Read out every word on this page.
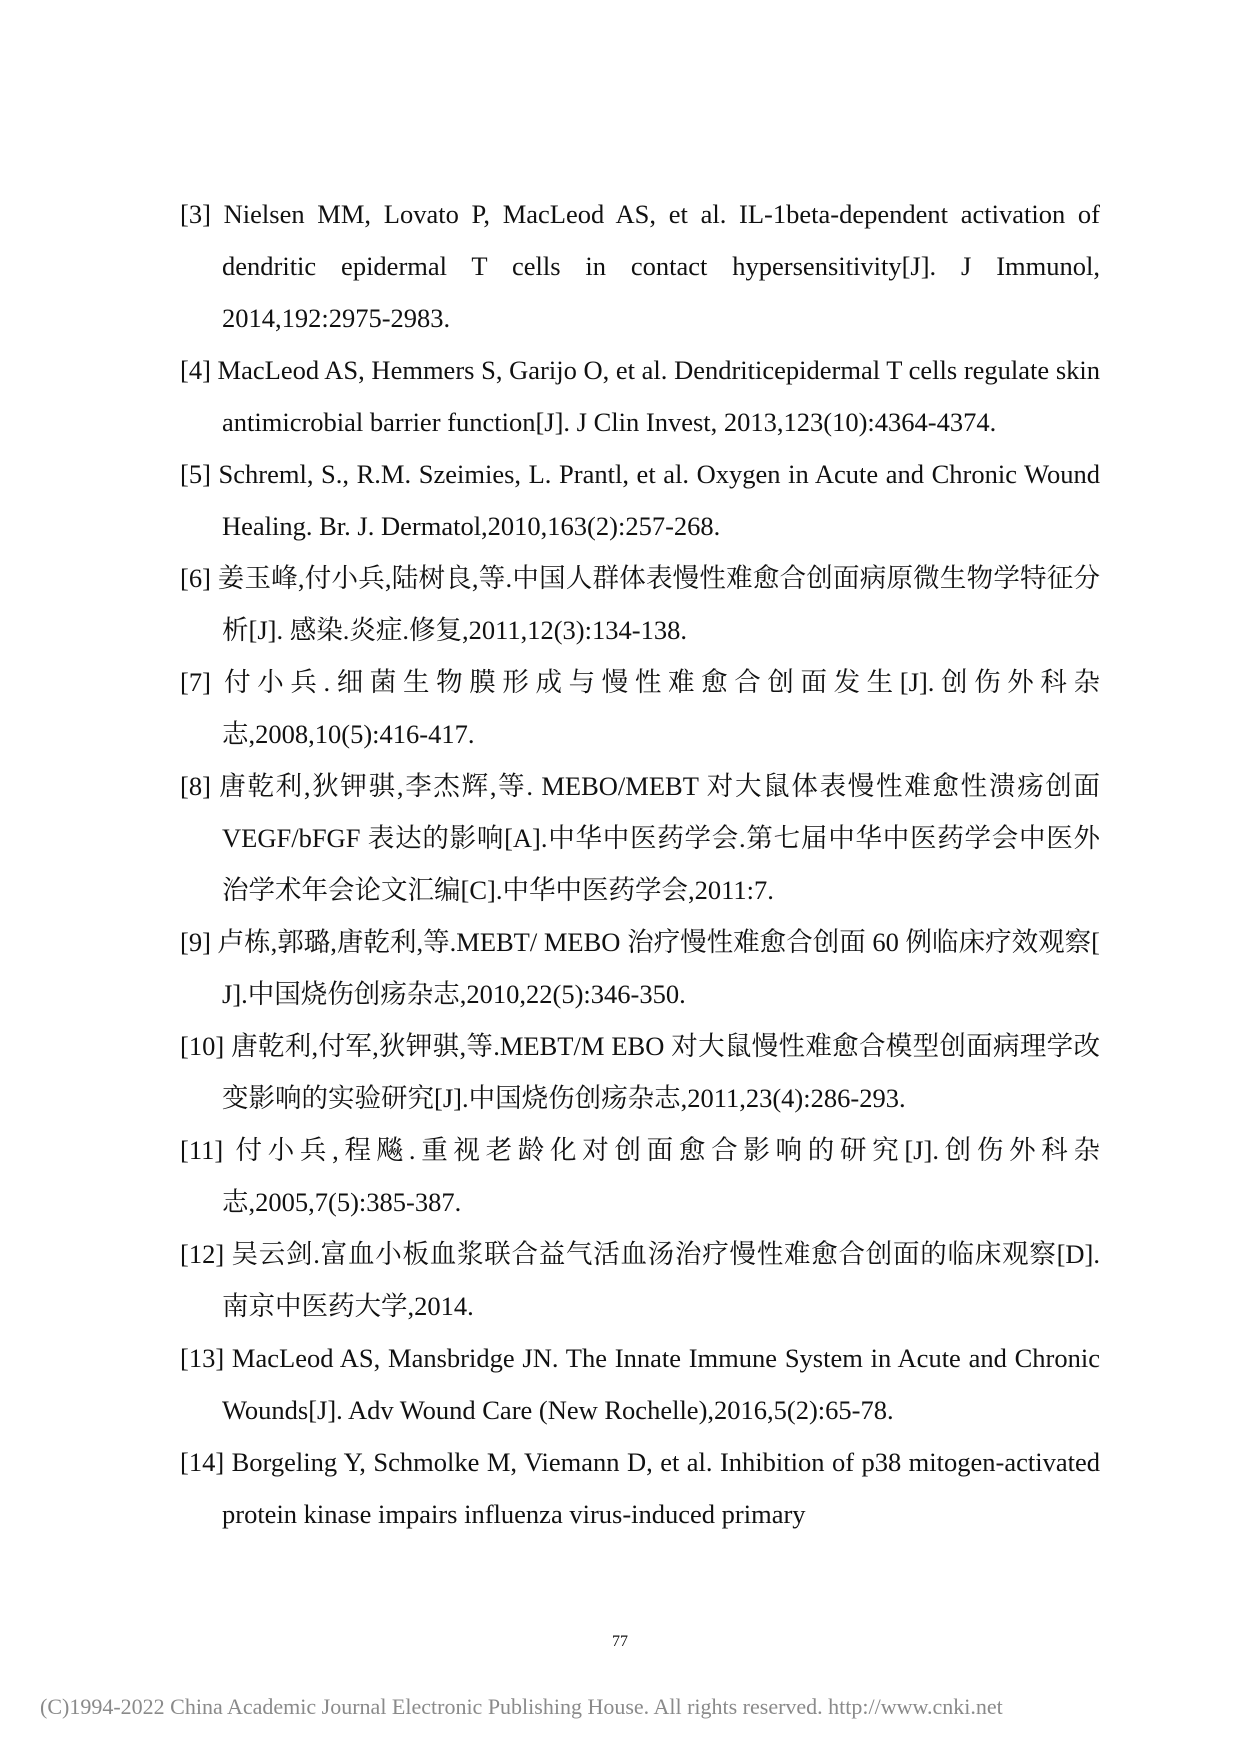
[3] Nielsen MM, Lovato P, MacLeod AS, et al. IL-1beta-dependent activation of dendritic epidermal T cells in contact hypersensitivity[J]. J Immunol, 2014,192:2975-2983.
[4] MacLeod AS, Hemmers S, Garijo O, et al. Dendriticepidermal T cells regulate skin antimicrobial barrier function[J]. J Clin Invest, 2013,123(10):4364-4374.
[5] Schreml, S., R.M. Szeimies, L. Prantl, et al. Oxygen in Acute and Chronic Wound Healing. Br. J. Dermatol,2010,163(2):257-268.
[6] 姜玉峰,付小兵,陆树良,等.中国人群体表慢性难愈合创面病原微生物学特征分析[J]. 感染.炎症.修复,2011,12(3):134-138.
[7] 付小兵.细菌生物膜形成与慢性难愈合创面发生[J].创伤外科杂志,2008,10(5):416-417.
[8] 唐乾利,狄钾骐,李杰辉,等. MEBO/MEBT 对大鼠体表慢性难愈性溃疡创面 VEGF/bFGF 表达的影响[A].中华中医药学会.第七届中华中医药学会中医外治学术年会论文汇编[C].中华中医药学会,2011:7.
[9] 卢栋,郭璐,唐乾利,等.MEBT/ MEBO 治疗慢性难愈合创面 60 例临床疗效观察[ J].中国烧伤创疡杂志,2010,22(5):346-350.
[10] 唐乾利,付军,狄钾骐,等.MEBT/M EBO 对大鼠慢性难愈合模型创面病理学改变影响的实验研究[J].中国烧伤创疡杂志,2011,23(4):286-293.
[11] 付小兵,程飚.重视老龄化对创面愈合影响的研究[J].创伤外科杂志,2005,7(5):385-387.
[12] 吴云剑.富血小板血浆联合益气活血汤治疗慢性难愈合创面的临床观察[D].南京中医药大学,2014.
[13] MacLeod AS, Mansbridge JN. The Innate Immune System in Acute and Chronic Wounds[J]. Adv Wound Care (New Rochelle),2016,5(2):65-78.
[14] Borgeling Y, Schmolke M, Viemann D, et al. Inhibition of p38 mitogen-activated protein kinase impairs influenza virus-induced primary
77
(C)1994-2022 China Academic Journal Electronic Publishing House. All rights reserved. http://www.cnki.net
